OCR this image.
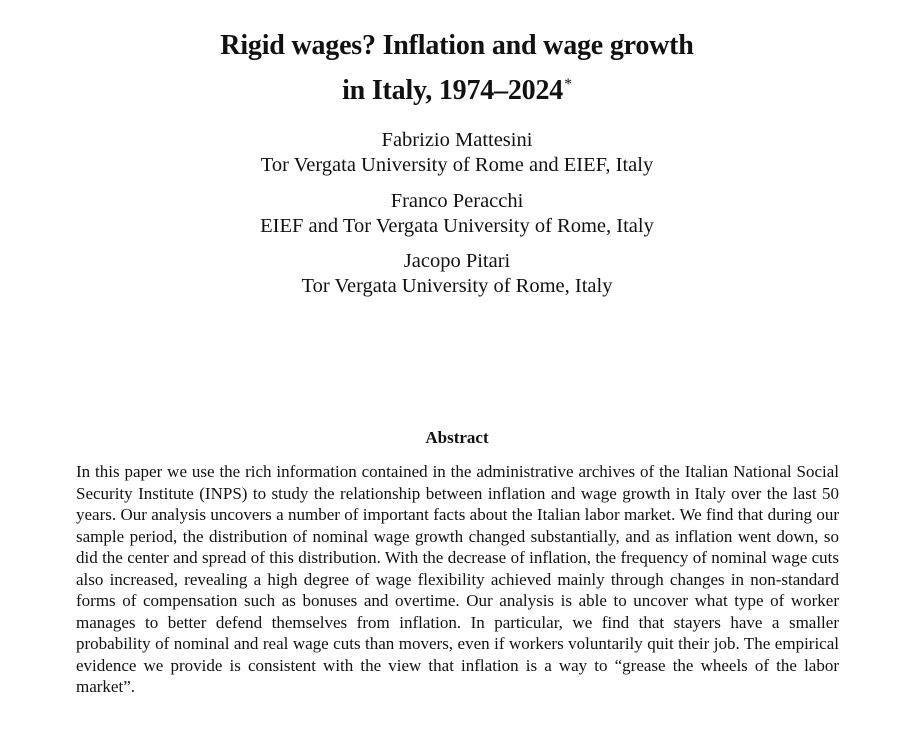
Rigid wages? Inflation and wage growth
in Italy, 1974–2024*
Fabrizio Mattesini
Tor Vergata University of Rome and EIEF, Italy
Franco Peracchi
EIEF and Tor Vergata University of Rome, Italy
Jacopo Pitari
Tor Vergata University of Rome, Italy
Abstract
In this paper we use the rich information contained in the administrative archives of the Italian National Social Security Institute (INPS) to study the relationship between inflation and wage growth in Italy over the last 50 years. Our analysis uncovers a number of important facts about the Italian labor market. We find that during our sample period, the distribution of nominal wage growth changed substantially, and as inflation went down, so did the center and spread of this distribution. With the decrease of inflation, the frequency of nominal wage cuts also increased, revealing a high degree of wage flexibility achieved mainly through changes in non-standard forms of compensation such as bonuses and overtime. Our analysis is able to uncover what type of worker manages to better defend themselves from inflation. In particular, we find that stayers have a smaller probability of nominal and real wage cuts than movers, even if workers voluntarily quit their job. The empirical evidence we provide is consistent with the view that inflation is a way to “grease the wheels of the labor market”.
